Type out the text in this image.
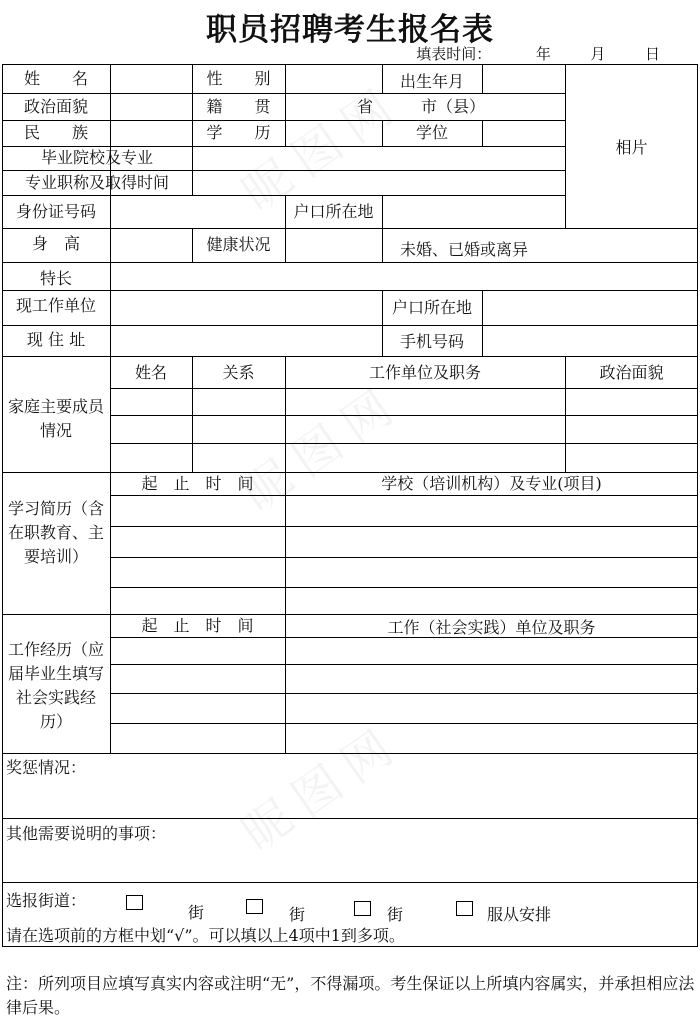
职员招聘考生报名表
填表时间：	年	月	日
姓　　名	性　　别	出生年月
政治面貌	籍　　贯	省	市（县）
民　　族	学　　历	学位
相片
毕业院校及专业
专业职称及取得时间
身份证号码	户口所在地
身　高	健康状况	未婚、已婚或离异
特长
现工作单位	户口所在地
现 住 址	手机号码
家庭主要成员情况
姓名	关系	工作单位及职务	政治面貌
学习简历（含在职教育、主要培训）
起　止　时　间	学校（培训机构）及专业(项目)
工作经历（应届毕业生填写社会实践经历）
起　止　时　间	工作（社会实践）单位及职务
奖惩情况：
其他需要说明的事项：
选报街道：
街	街	街	服从安排
请在选项前的方框中划“√”。可以填以上4项中1到多项。
注：所列项目应填写真实内容或注明“无”，不得漏项。考生保证以上所填内容属实，并承担相应法律后果。
